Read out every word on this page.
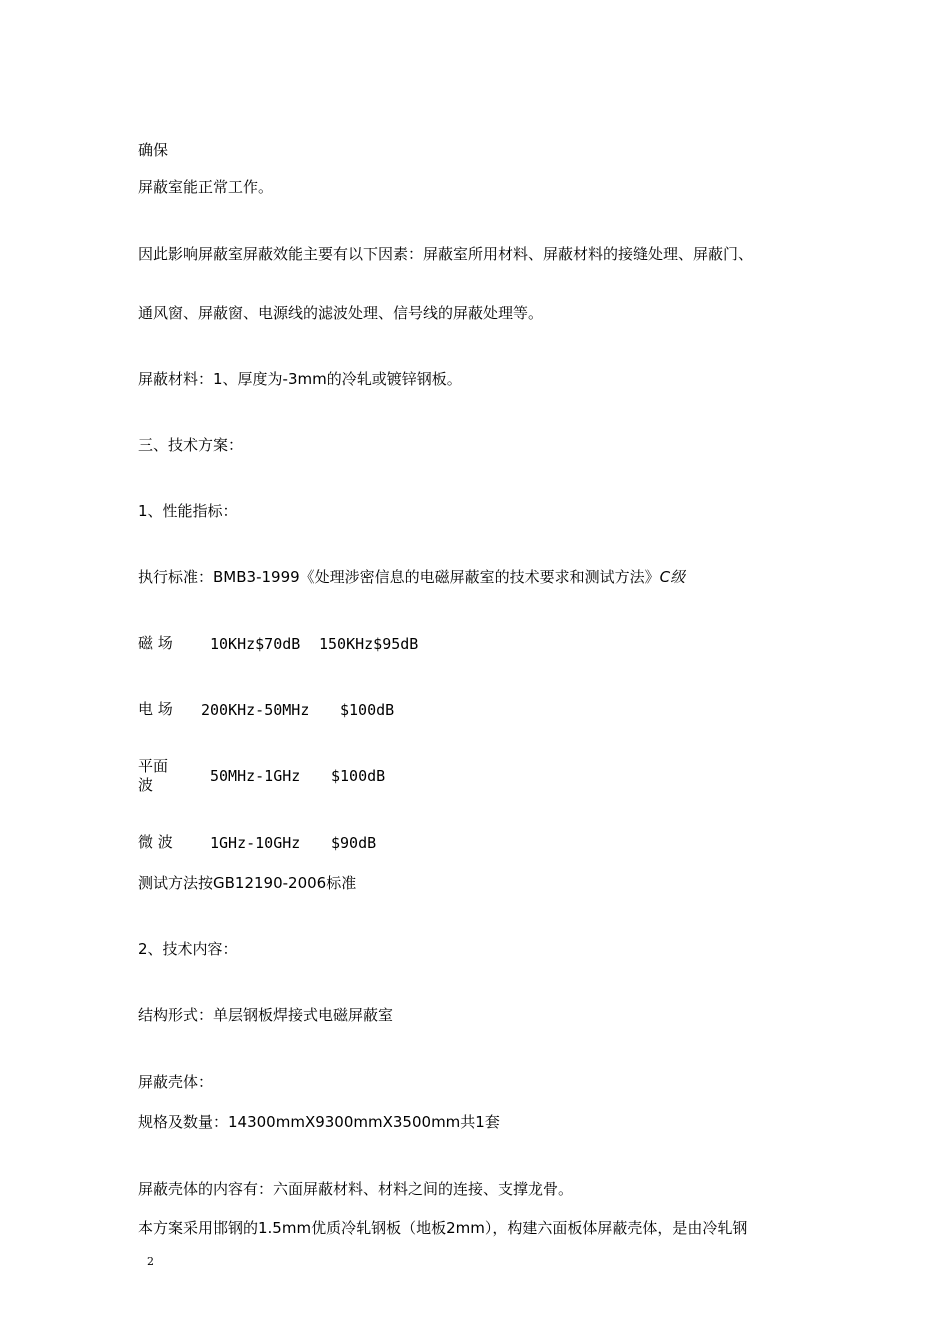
确保
屏蔽室能正常工作。
因此影响屏蔽室屏蔽效能主要有以下因素：屏蔽室所用材料、屏蔽材料的接缝处理、屏蔽门、
通风窗、屏蔽窗、电源线的滤波处理、信号线的屏蔽处理等。
屏蔽材料：1、厚度为-3mm的冷轧或镀锌钢板。
三、技术方案：
1、性能指标：
执行标准：BMB3-1999《处理涉密信息的电磁屏蔽室的技术要求和测试方法》C级
磁 场 10KHz$70dB 150KHz$95dB
电 场 200KHz-50MHz $100dB
平面波	50MHz-1GHz $100dB
微 波 1GHz-10GHz $90dB
测试方法按GB12190-2006标准
2、技术内容：
结构形式：单层钢板焊接式电磁屏蔽室
屏蔽壳体：
规格及数量：14300mmX9300mmX3500mm共1套
屏蔽壳体的内容有：六面屏蔽材料、材料之间的连接、支撑龙骨。
本方案采用邯钢的1.5mm优质冷轧钢板（地板2mm），构建六面板体屏蔽壳体，是由冷轧钢
2
